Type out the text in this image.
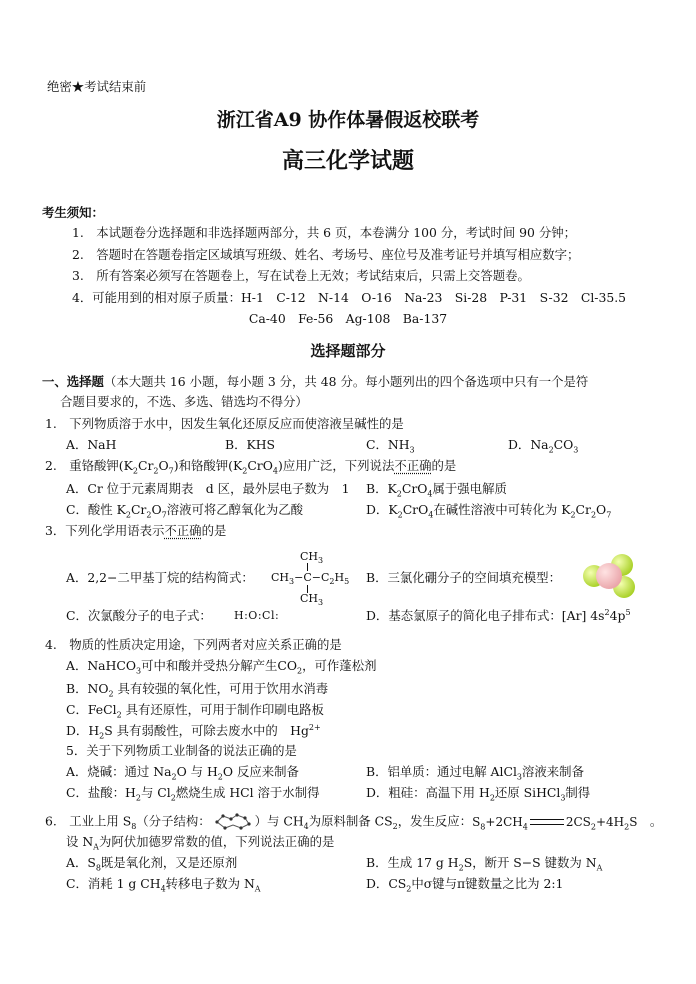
绝密★考试结束前
浙江省A9 协作体暑假返校联考
高三化学试题
考生须知：
1.　本试题卷分选择题和非选择题两部分，共 6 页，本卷满分 100 分，考试时间 90 分钟；
2.　答题时在答题卷指定区域填写班级、姓名、考场号、座位号及准考证号并填写相应数字；
3.　所有答案必须写在答题卷上，写在试卷上无效；考试结束后，只需上交答题卷。
4．可能用到的相对原子质量：H-1　C-12　N-14　O-16　Na-23　Si-28　P-31　S-32　Cl-35.5
Ca-40　Fe-56　Ag-108　Ba-137
选择题部分
一、选择题（本大题共 16 小题，每小题 3 分，共 48 分。每小题列出的四个备选项中只有一个是符
合题目要求的，不选、多选、错选均不得分）
1.　下列物质溶于水中，因发生氧化还原反应而使溶液呈碱性的是
A．NaH	B．KHS	C．$NH_3$	D．$Na_2CO_3$
2.　重铬酸钾$(K_2Cr_2O_7)$和铬酸钾$(K_2CrO_4)$应用广泛，下列说法不正确的是
A．Cr 位于元素周期表　d 区，最外层电子数为　1 B．$K_2CrO_4$属于强电解质
C．酸性 $K_2Cr_2O_7$溶液可将乙醇氧化为乙酸	D．$K_2CrO_4$在碱性溶液中可转化为 $K_2Cr_2O_7$
3．下列化学用语表示不正确的是
A．2,2−二甲基丁烷的结构简式：
$CH_3$
$CH_3-C-C_2H_5$
$CH_3$
B．三氯化硼分子的空间填充模型：
C．次氯酸分子的电子式： H:O:Cl:	D．基态氯原子的简化电子排布式：[Ar] $4s^24p^5$
4.　物质的性质决定用途，下列两者对应关系正确的是
A．NaHCO$_3$可中和酸并受热分解产生$CO_2$，可作蓬松剂
B．$NO_2$ 具有较强的氧化性，可用于饮用水消毒
C．FeCl$_2$ 具有还原性，可用于制作印刷电路板
D．$H_2S$ 具有弱酸性，可除去废水中的　 $Hg^{2+}$
5．关于下列物质工业制备的说法正确的是
A．烧碱：通过 $Na_2O$ 与 $H_2O$ 反应来制备	B．铝单质：通过电解 AlCl$_3$溶液来制备
C．盐酸：$H_2$与 $Cl_2$燃烧生成 HCl 溶于水制得	D．粗硅：高温下用 $H_2$还原 SiHCl$_3$制得
6.　工业上用 $S_8$（分子结构：	）与 $CH_4$为原料制备 $CS_2$，发生反应：$S_8+2CH_4$	$2CS_2+4H_2S$　 。
设 $N_A$为阿伏加德罗常数的值，下列说法正确的是
A．$S_8$既是氧化剂，又是还原剂	B．生成 17 g $H_2S$，断开 S−S 键数为 $N_A$
C．消耗 1 g $CH_4$转移电子数为 $N_A$	D．$CS_2$中σ键与π键数量之比为 2:1
